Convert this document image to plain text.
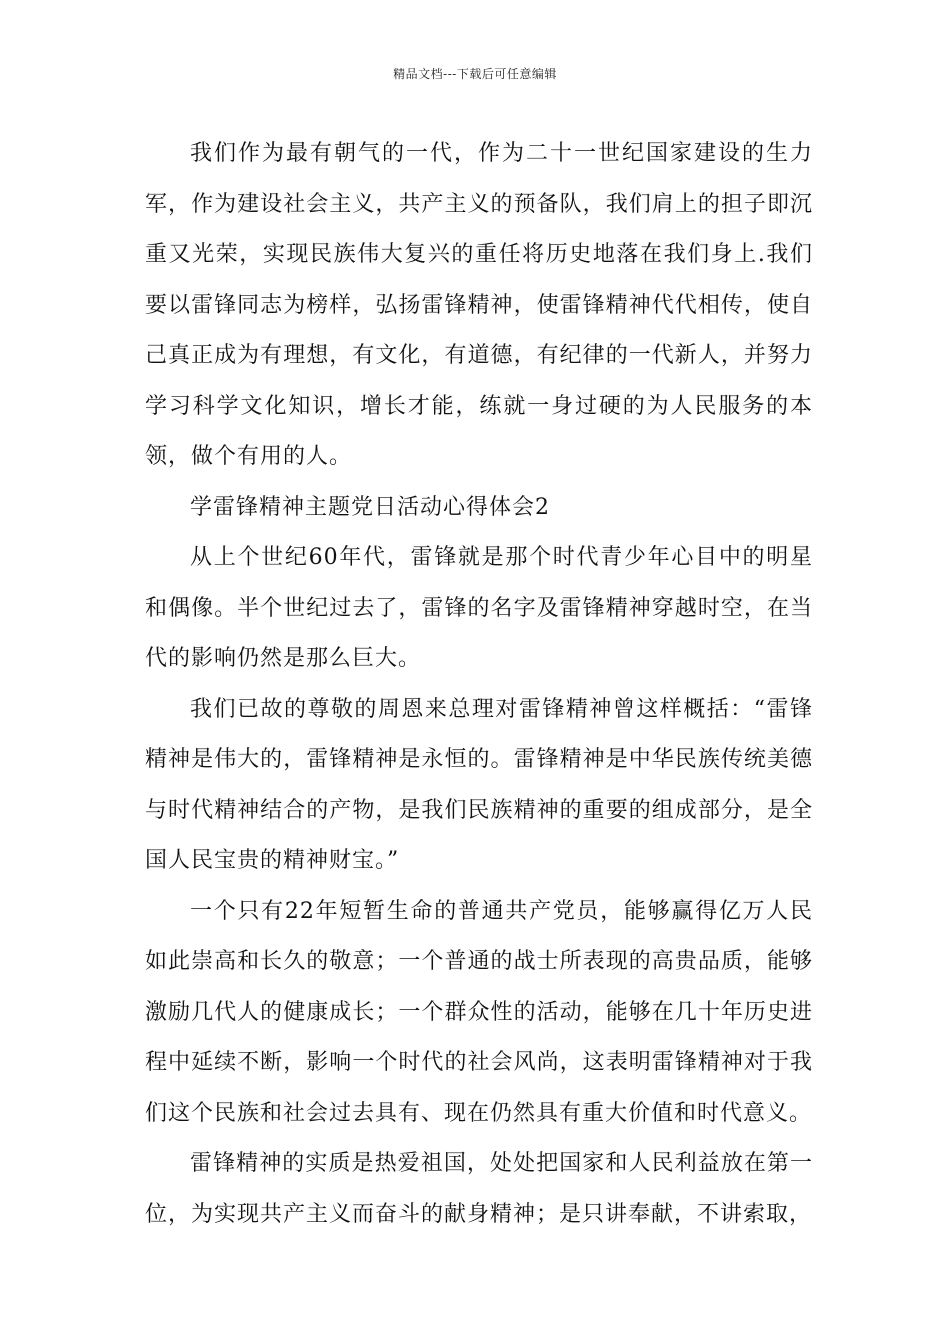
精品文档---下载后可任意编辑

我们作为最有朝气的一代，作为二十一世纪国家建设的生力军，作为建设社会主义，共产主义的预备队，我们肩上的担子即沉重又光荣，实现民族伟大复兴的重任将历史地落在我们身上.我们要以雷锋同志为榜样，弘扬雷锋精神，使雷锋精神代代相传，使自己真正成为有理想，有文化，有道德，有纪律的一代新人，并努力学习科学文化知识，增长才能，练就一身过硬的为人民服务的本领，做个有用的人。

学雷锋精神主题党日活动心得体会2

从上个世纪60年代，雷锋就是那个时代青少年心目中的明星和偶像。半个世纪过去了，雷锋的名字及雷锋精神穿越时空，在当代的影响仍然是那么巨大。

我们已故的尊敬的周恩来总理对雷锋精神曾这样概括：“雷锋精神是伟大的，雷锋精神是永恒的。雷锋精神是中华民族传统美德与时代精神结合的产物，是我们民族精神的重要的组成部分，是全国人民宝贵的精神财宝。”

一个只有22年短暂生命的普通共产党员，能够赢得亿万人民如此崇高和长久的敬意；一个普通的战士所表现的高贵品质，能够激励几代人的健康成长；一个群众性的活动，能够在几十年历史进程中延续不断，影响一个时代的社会风尚，这表明雷锋精神对于我们这个民族和社会过去具有、现在仍然具有重大价值和时代意义。

雷锋精神的实质是热爱祖国，处处把国家和人民利益放在第一位，为实现共产主义而奋斗的献身精神；是只讲奉献，不讲索取，
